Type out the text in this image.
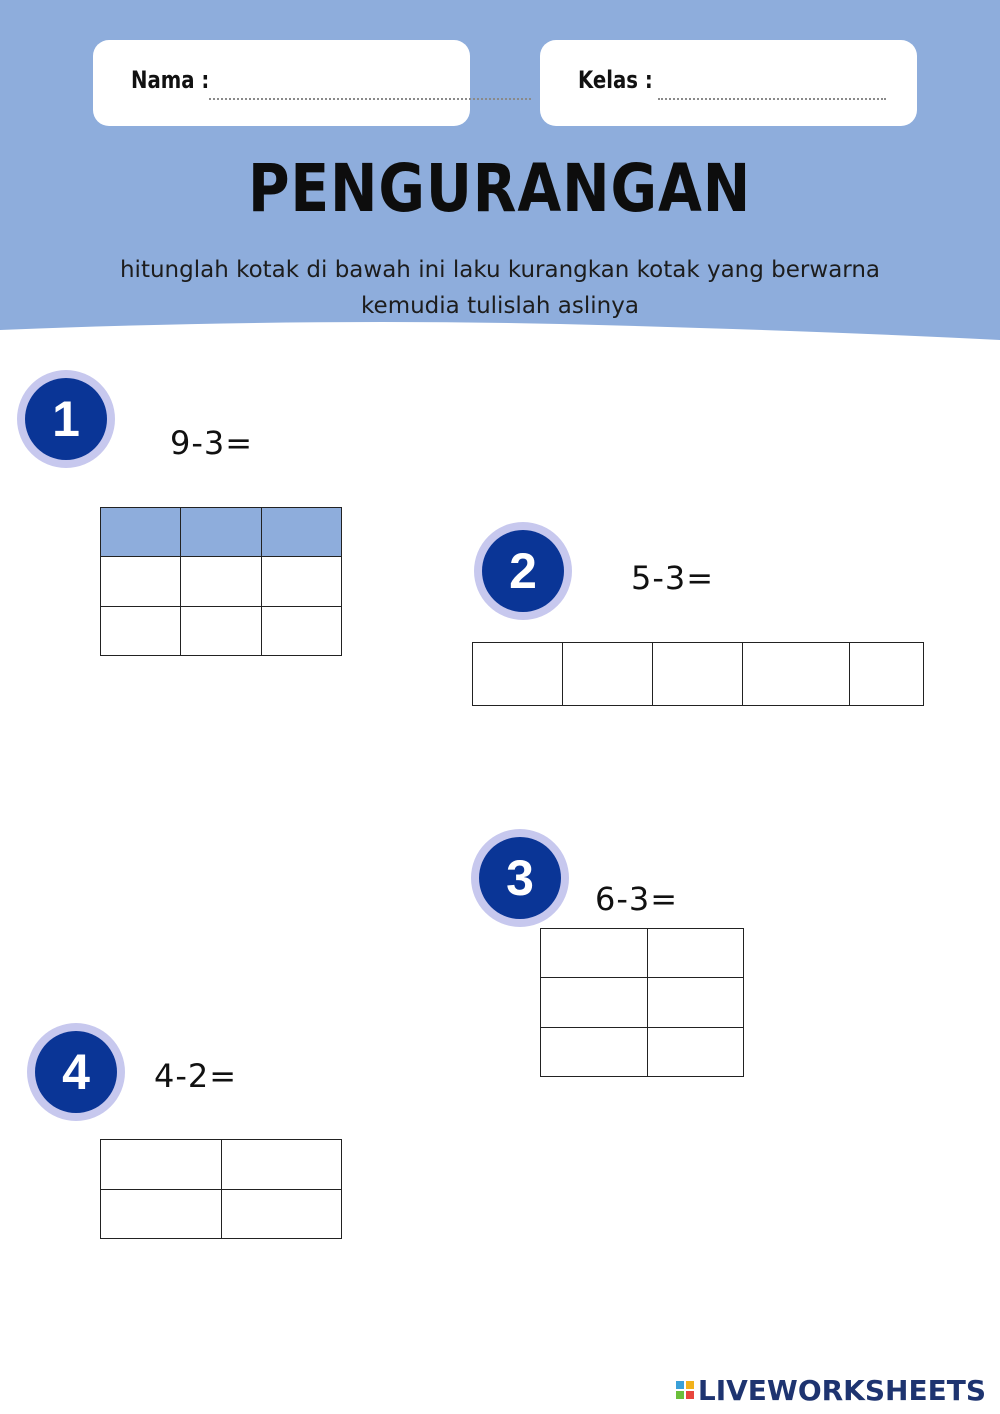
Nama :	Kelas :
PENGURANGAN
hitunglah kotak di bawah ini laku kurangkan kotak yang berwarna kemudia tulislah aslinya
1	9-3=

2	5-3=

3	6-3=

4	4-2=

LIVEWORKSHEETS
